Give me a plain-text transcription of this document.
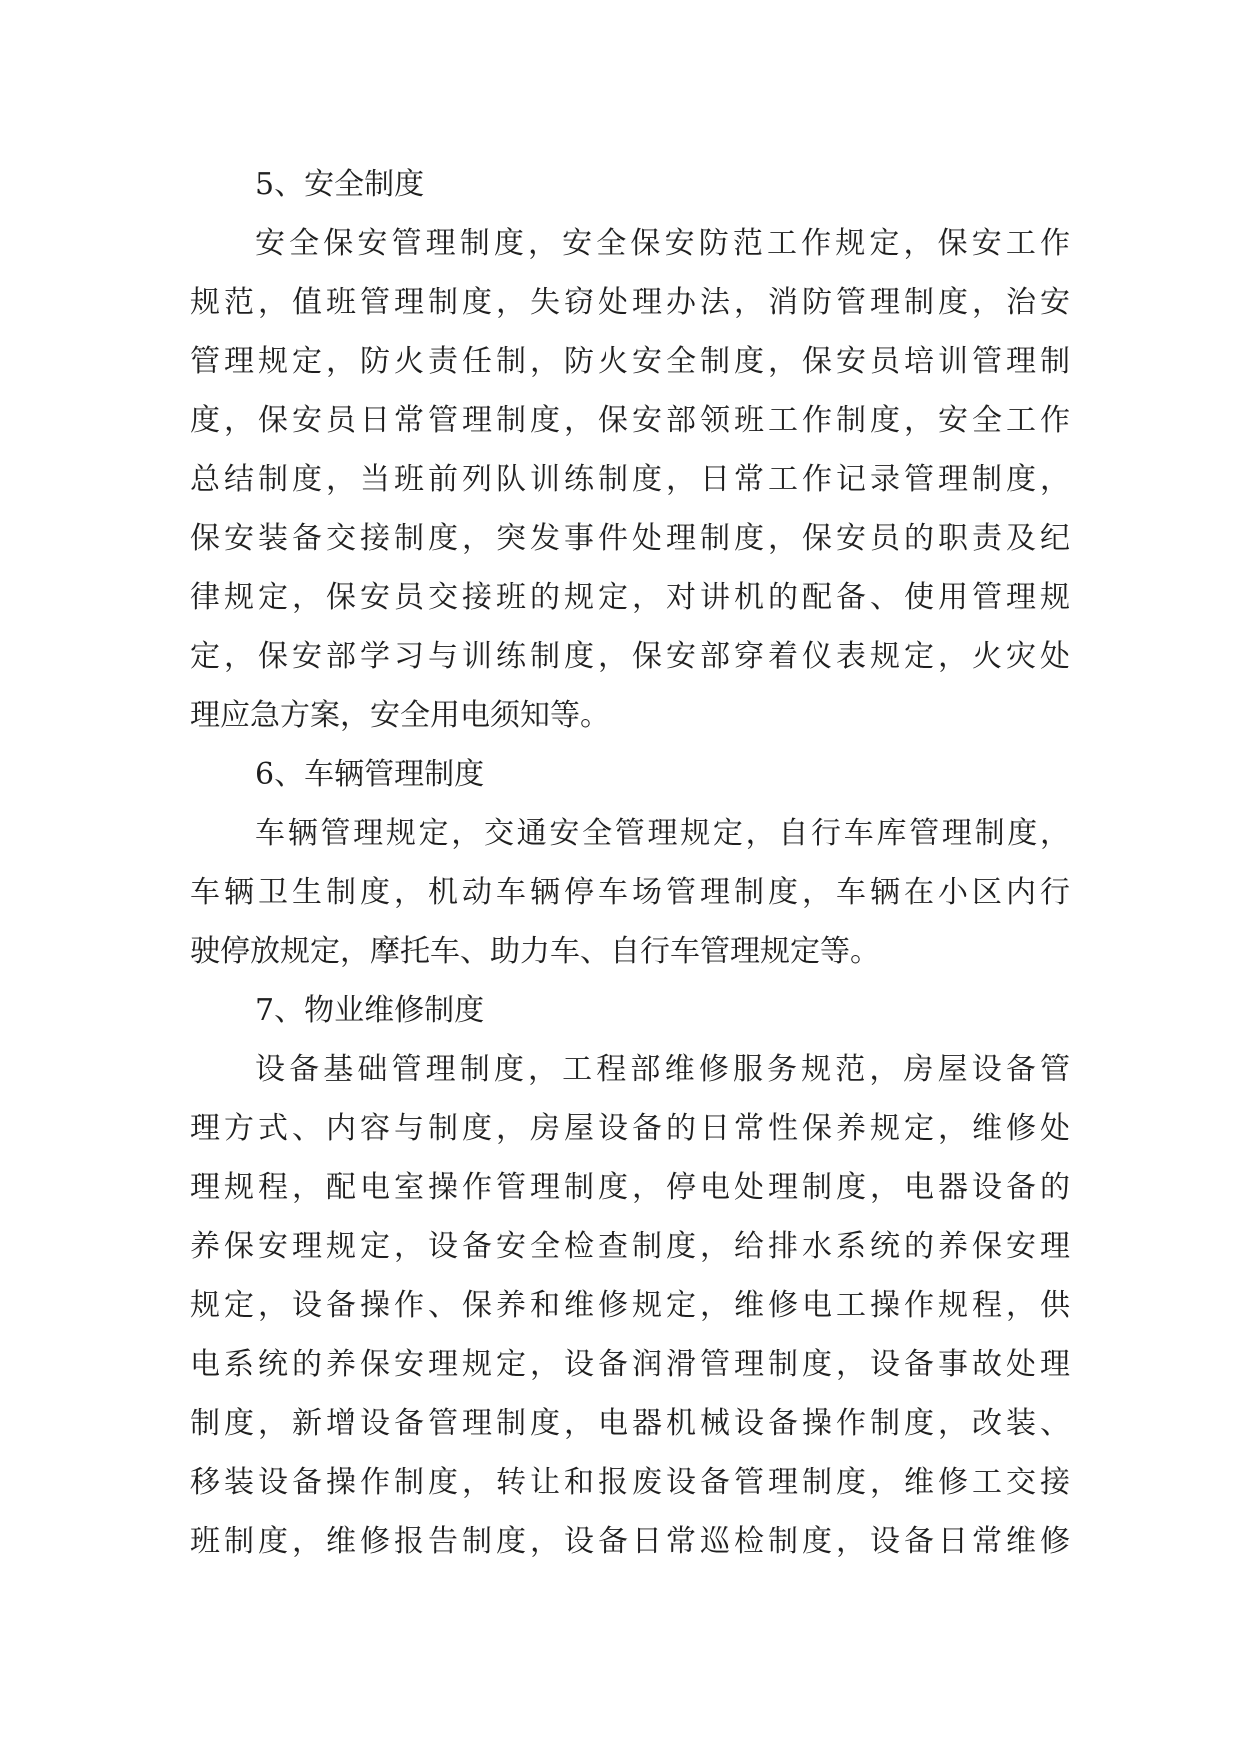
5、安全制度
安全保安管理制度，安全保安防范工作规定，保安工作
规范，值班管理制度，失窃处理办法，消防管理制度，治安
管理规定，防火责任制，防火安全制度，保安员培训管理制
度，保安员日常管理制度，保安部领班工作制度，安全工作
总结制度，当班前列队训练制度，日常工作记录管理制度，
保安装备交接制度，突发事件处理制度，保安员的职责及纪
律规定，保安员交接班的规定，对讲机的配备、使用管理规
定，保安部学习与训练制度，保安部穿着仪表规定，火灾处
理应急方案，安全用电须知等。
6、车辆管理制度
车辆管理规定，交通安全管理规定，自行车库管理制度，
车辆卫生制度，机动车辆停车场管理制度，车辆在小区内行
驶停放规定，摩托车、助力车、自行车管理规定等。
7、物业维修制度
设备基础管理制度，工程部维修服务规范，房屋设备管
理方式、内容与制度，房屋设备的日常性保养规定，维修处
理规程，配电室操作管理制度，停电处理制度，电器设备的
养保安理规定，设备安全检查制度，给排水系统的养保安理
规定，设备操作、保养和维修规定，维修电工操作规程，供
电系统的养保安理规定，设备润滑管理制度，设备事故处理
制度，新增设备管理制度，电器机械设备操作制度，改装、
移装设备操作制度，转让和报废设备管理制度，维修工交接
班制度，维修报告制度，设备日常巡检制度，设备日常维修
